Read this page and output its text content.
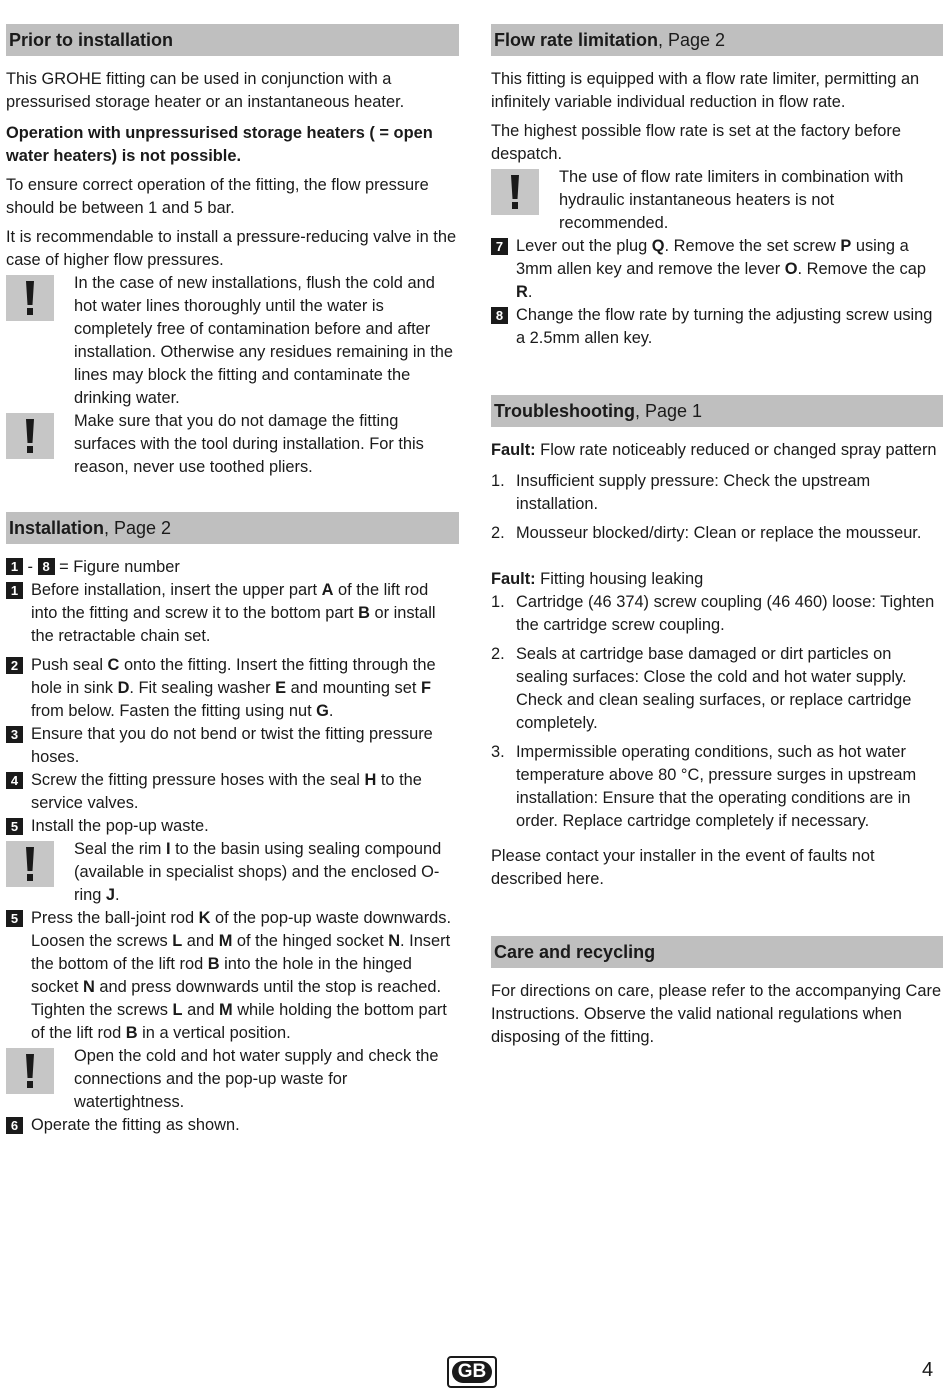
Prior to installation

This GROHE fitting can be used in conjunction with a pressurised storage heater or an instantaneous heater.

Operation with unpressurised storage heaters ( = open water heaters) is not possible.

To ensure correct operation of the fitting, the flow pressure should be between 1 and 5 bar.

It is recommendable to install a pressure-reducing valve in the case of higher flow pressures.

In the case of new installations, flush the cold and hot water lines thoroughly until the water is completely free of contamination before and after installation. Otherwise any residues remaining in the lines may block the fitting and contaminate the drinking water.
Make sure that you do not damage the fitting surfaces with the tool during installation. For this reason, never use toothed pliers.
Installation, Page 2

1 - 8 = Figure number

1 Before installation, insert the upper part A of the lift rod into the fitting and screw it to the bottom part B or install the retractable chain set.
2 Push seal C onto the fitting. Insert the fitting through the hole in sink D. Fit sealing washer E and mounting set F from below. Fasten the fitting using nut G.
3 Ensure that you do not bend or twist the fitting pressure hoses.
4 Screw the fitting pressure hoses with the seal H to the service valves.
5 Install the pop-up waste.
Seal the rim I to the basin using sealing compound (available in specialist shops) and the enclosed O-ring J.
5 Press the ball-joint rod K of the pop-up waste downwards. Loosen the screws L and M of the hinged socket N. Insert the bottom of the lift rod B into the hole in the hinged socket N and press downwards until the stop is reached. Tighten the screws L and M while holding the bottom part of the lift rod B in a vertical position.
Open the cold and hot water supply and check the connections and the pop-up waste for watertightness.
6 Operate the fitting as shown.
Flow rate limitation, Page 2

This fitting is equipped with a flow rate limiter, permitting an infinitely variable individual reduction in flow rate.

The highest possible flow rate is set at the factory before despatch.

The use of flow rate limiters in combination with hydraulic instantaneous heaters is not recommended.
7 Lever out the plug Q. Remove the set screw P using a 3mm allen key and remove the lever O. Remove the cap R.
8 Change the flow rate by turning the adjusting screw using a 2.5mm allen key.
Troubleshooting, Page 1

Fault: Flow rate noticeably reduced or changed spray pattern

1. Insufficient supply pressure: Check the upstream installation.
2. Mousseur blocked/dirty: Clean or replace the mousseur.

Fault: Fitting housing leaking

1. Cartridge (46 374) screw coupling (46 460) loose: Tighten the cartridge screw coupling.
2. Seals at cartridge base damaged or dirt particles on sealing surfaces: Close the cold and hot water supply. Check and clean sealing surfaces, or replace cartridge completely.
3. Impermissible operating conditions, such as hot water temperature above 80 °C, pressure surges in upstream installation: Ensure that the operating conditions are in order. Replace cartridge completely if necessary.

Please contact your installer in the event of faults not described here.

Care and recycling

For directions on care, please refer to the accompanying Care Instructions. Observe the valid national regulations when disposing of the fitting.

GB	4
